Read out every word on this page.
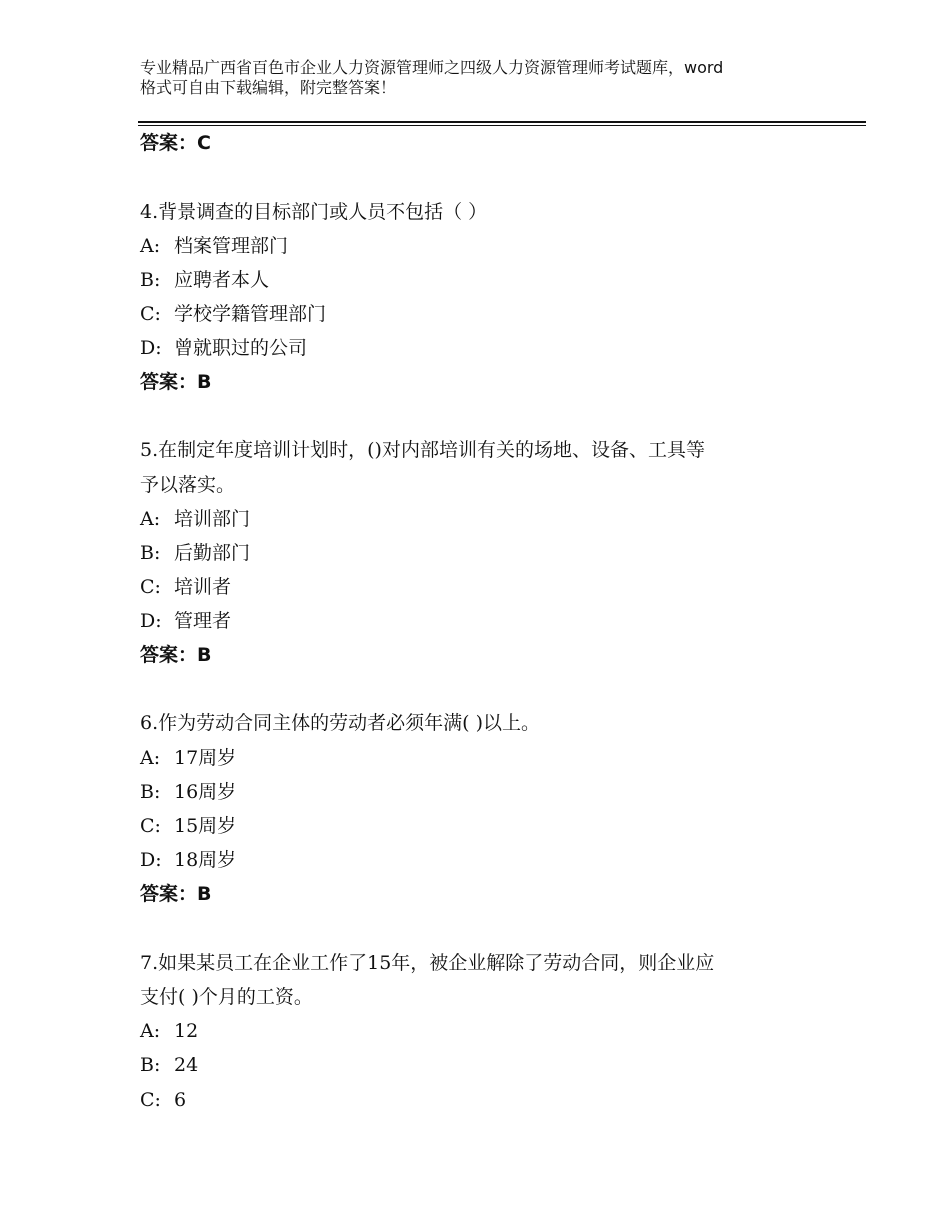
专业精品广西省百色市企业人力资源管理师之四级人力资源管理师考试题库，word
格式可自由下载编辑，附完整答案！
答案：C
4.背景调查的目标部门或人员不包括（ ）
A: 档案管理部门
B: 应聘者本人
C: 学校学籍管理部门
D: 曾就职过的公司
答案：B
5.在制定年度培训计划时，()对内部培训有关的场地、设备、工具等
予以落实。
A: 培训部门
B: 后勤部门
C: 培训者
D: 管理者
答案：B
6.作为劳动合同主体的劳动者必须年满( )以上。
A: 17周岁
B: 16周岁
C: 15周岁
D: 18周岁
答案：B
7.如果某员工在企业工作了15年，被企业解除了劳动合同，则企业应
支付( )个月的工资。
A: 12
B: 24
C: 6
